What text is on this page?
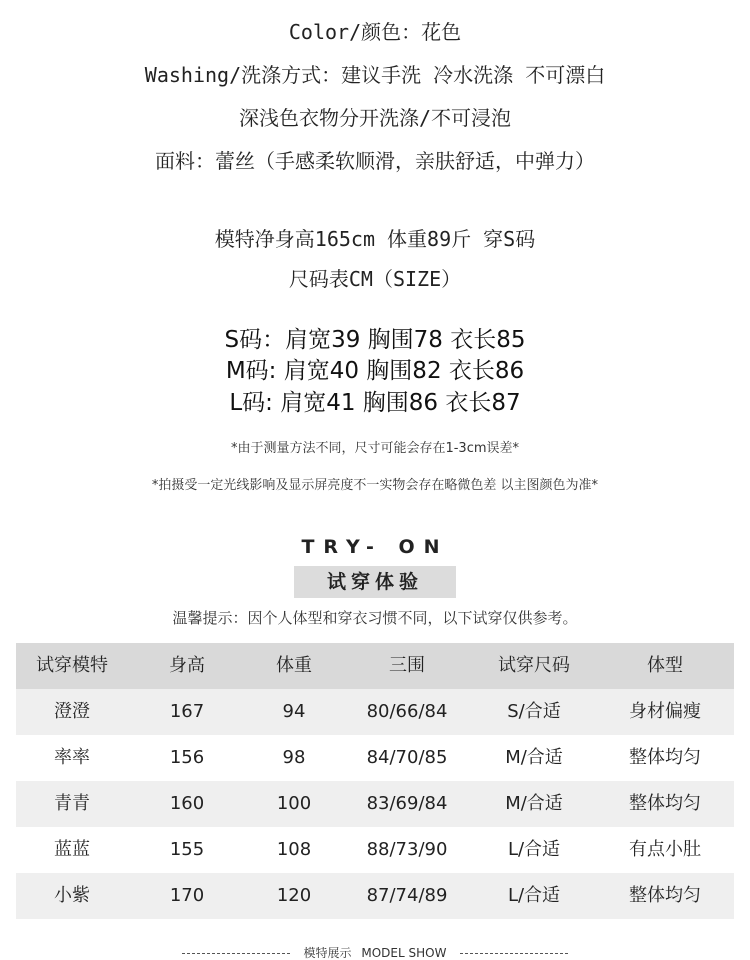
Color/颜色：花色
Washing/洗涤方式：建议手洗 冷水洗涤 不可漂白
深浅色衣物分开洗涤/不可浸泡
面料：蕾丝（手感柔软顺滑，亲肤舒适，中弹力）
模特净身高165cm 体重89斤 穿S码
尺码表CM（SIZE）
S码：肩宽39 胸围78 衣长85
M码: 肩宽40 胸围82 衣长86
L码: 肩宽41 胸围86 衣长87
*由于测量方法不同，尺寸可能会存在1-3cm误差*
*拍摄受一定光线影响及显示屏亮度不一实物会存在略微色差 以主图颜色为准*
TRY- ON
试穿体验
温馨提示：因个人体型和穿衣习惯不同，以下试穿仅供参考。
试穿模特	身高	体重	三围	试穿尺码	体型
澄澄	167	94	80/66/84	S/合适	身材偏瘦
率率	156	98	84/70/85	M/合适	整体均匀
青青	160	100	83/69/84	M/合适	整体均匀
蓝蓝	155	108	88/73/90	L/合适	有点小肚
小紫	170	120	87/74/89	L/合适	整体均匀
模特展示 MODEL SHOW
